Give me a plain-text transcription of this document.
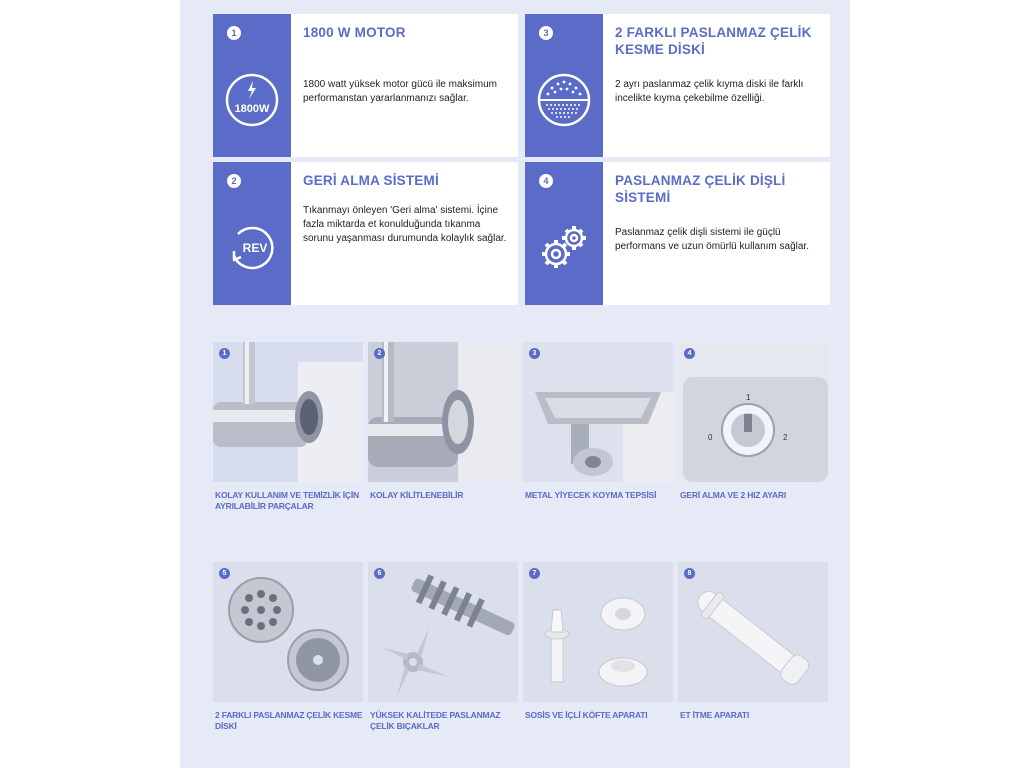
1
1800W
1800 W MOTOR
1800 watt yüksek motor gücü ile maksimum performanstan yararlanmanızı sağlar.
3	2 FARKLI PASLANMAZ ÇELİK KESME DİSKİ
2 ayrı paslanmaz çelik kıyma diski ile farklı incelikte kıyma çekebilme özelliği.
2
REV
GERİ ALMA SİSTEMİ
Tıkanmayı önleyen 'Geri alma' sistemi. İçine fazla miktarda et konulduğunda tıkanma sorunu yaşanması durumunda kolaylık sağlar.
4	PASLANMAZ ÇELİK DİŞLİ SİSTEMİ
Paslanmaz çelik dişli sistemi ile güçlü performans ve uzun ömürlü kullanım sağlar.
1
KOLAY KULLANIM VE TEMİZLİK İÇİN AYRILABİLİR PARÇALAR
2
KOLAY KİLİTLENEBİLİR
3
METAL YİYECEK KOYMA TEPSİSİ
0	2
1
4
GERİ ALMA VE 2 HIZ AYARI
5
2 FARKLI PASLANMAZ ÇELİK KESME DİSKİ
6
YÜKSEK KALİTEDE PASLANMAZ ÇELİK BIÇAKLAR
7
SOSİS VE İÇLİ KÖFTE APARATI
8
ET İTME APARATI
